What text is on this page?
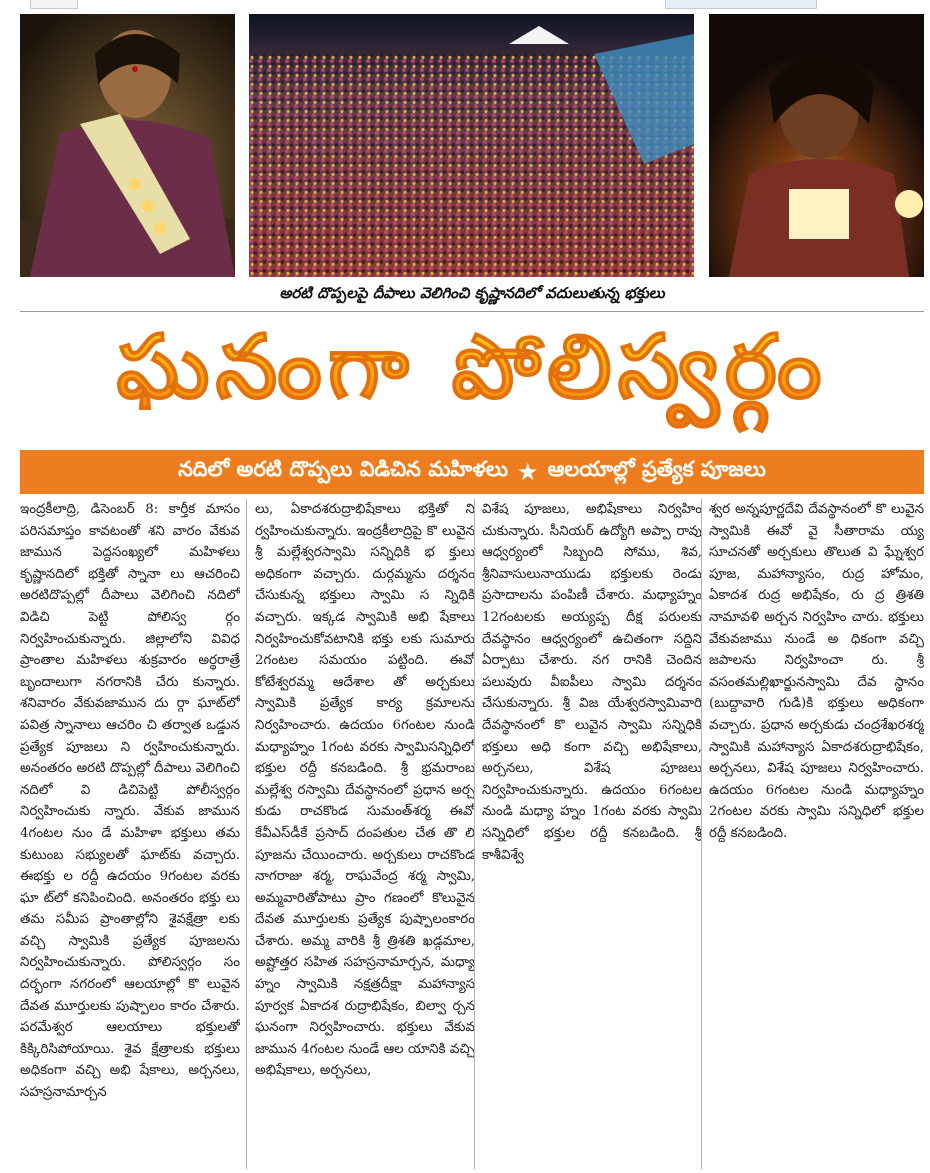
అరటి దొప్పలపై దీపాలు వెలిగించి కృష్ణానదిలో వదులుతున్న భక్తులు
ఘనంగా పోలిస్వర్గం
నదిలో అరటి దొప్పలు విడిచిన మహిళలు ★ ఆలయాల్లో ప్రత్యేక పూజలు
ఇంద్రకీలాద్రి, డిసెంబర్ 8: కార్తీక మాసం పరిసమాప్తం కావటంతో శని వారం వేకువ జామున పెద్దసంఖ్యలో మహిళలు కృష్ణానదిలో భక్తితో స్నానా లు ఆచరించి అరటిదొప్పల్లో దీపాలు వెలిగించి నదిలో విడిచి పెట్టి పోలిస్వ ర్గం నిర్వహించుకున్నారు. జిల్లాలోని వివిధ ప్రాంతాల మహిళలు శుక్రవారం అర్థరాత్రే బృందాలుగా నగరానికి చేరు కున్నారు. శనివారం వేకువజామున దు ర్గా ఘాట్‌లో పవిత్ర స్నానాలు ఆచరిం చి తర్వాత ఒడ్డున ప్రత్యేక పూజలు ని ర్వహించుకున్నారు. అనంతరం అరటి దొప్పల్లో దీపాలు వెలిగించి నదిలో వి డిచిపెట్టి పోలీస్వర్గం నిర్వహించుకు న్నారు. వేకువ జామున 4గంటల నుం డే మహిళా భక్తులు తమ కుటుంబ సభ్యులతో ఘాట్‌కు వచ్చారు. ఈభక్తు ల రద్దీ ఉదయం 9గంటల వరకు ఘా ట్‌లో కనిపించింది. అనంతరం భక్తు లు తమ సమీప ప్రాంతాల్లోని శైవక్షేత్రా లకు వచ్చి స్వామికి ప్రత్యేక పూజలను నిర్వహించుకున్నారు. పోలిస్వర్గం సం దర్భంగా నగరంలో ఆలయాల్లో కొ లువైన దేవత మూర్తులకు పుష్పాలం కారం చేశారు. పరమేశ్వర ఆలయాలు భక్తులతో కిక్కిరిసిపోయాయి. శైవ క్షేత్రాలకు భక్తులు అధికంగా వచ్చి అభి షేకాలు, అర్చనలు, సహస్రనామార్చన
లు, ఏకాదశరుద్రాభిషేకాలు భక్తితో ని ర్వహించుకున్నారు. ఇంద్రకీలాద్రిపై కొ లువైన శ్రీ మల్లేశ్వరస్వామి సన్నిధికి భ క్తులు అధికంగా వచ్చారు. దుర్గమ్మను దర్శనం చేసుకున్న భక్తులు స్వామి స న్నిధికి వచ్చారు. ఇక్కడ స్వామికి అభి షేకాలు నిర్వహించుకోవటానికి భక్తు లకు సుమారు 2గంటల సమయం పట్టింది. ఈవో కోటేశ్వరమ్మ ఆదేశాల తో అర్చకులు స్వామికి ప్రత్యేక కార్య క్రమాలను నిర్వహించారు. ఉదయం 6గంటల నుండి మధ్యాహ్నం 1గంట వరకు స్వామిసన్నిధిలో భక్తుల రద్దీ కనబడింది. శ్రీ భ్రమరాంబ మల్లేశ్వ రస్వామి దేవస్థానంలో ప్రధాన అర్చ కుడు రాచకొండ సుమంత్‌శర్మ ఈవో కేవీఎస్‌డీకే ప్రసాద్ దంపతుల చేత తొ లి పూజను చేయించారు. అర్చకులు రాచకొండ నాగరాజు శర్మ, రాఘవేంద్ర శర్మ స్వామి, అమ్మవారితోపాటు ప్రాం గణంలో కొలువైన దేవత మూర్తులకు ప్రత్యేక పుష్పాలంకారం చేశారు. అమ్మ వారికి శ్రీ త్రిశతి ఖడ్గమాల, అష్టోత్తర సహిత సహస్రనామార్చన, మధ్యా హ్నం స్వామికి నక్షత్రదీక్షా మహాన్యాస పూర్వక ఏకాదశ రుద్రాభిషేకం, బిల్వా ర్చన ఘనంగా నిర్వహించారు. భక్తులు వేకువ జామున 4గంటల నుండే ఆల యానికి వచ్చి అభిషేకాలు, అర్చనలు,
విశేష పూజలు, అభిషేకాలు నిర్వహిం చుకున్నారు. సీనియర్ ఉద్యోగి అప్పా రావు ఆధ్వర్యంలో సిబ్బంది సోము, శివ, శ్రీనివాసులునాయుడు భక్తులకు రెండు ప్రసాదాలను పంపిణీ చేశారు. మధ్యాహ్నం 12గంటలకు అయ్యప్ప దీక్ష పరులకు దేవస్థానం ఆధ్వర్యంలో ఉచితంగా సద్దిని ఏర్పాటు చేశారు. నగ రానికి చెందిన పలువురు వీఐపీలు స్వామి దర్శనం చేసుకున్నారు. శ్రీ విజ యేశ్వరస్వామివారి దేవస్థానంలో కొ లువైన స్వామి సన్నిధికి భక్తులు అధి కంగా వచ్చి అభిషేకాలు, అర్చనలు, విశేష పూజలు నిర్వహించుకున్నారు. ఉదయం 6గంటల నుండి మధ్యా హ్నం 1గంట వరకు స్వామి సన్నిధిలో భక్తుల రద్దీ కనబడింది. శ్రీ కాశీవిశ్వే
శ్వర అన్నపూర్ణదేవి దేవస్థానంలో కొ లువైన స్వామికి ఈవో వై సీతారామ య్య సూచనతో అర్చకులు తొలుత వి ఘ్నేశ్వర పూజ, మహాన్యాసం, రుద్ర హోమం, ఏకాదశ రుద్ర అభిషేకం, రు ద్ర త్రిశతి నామావళి అర్చన నిర్వహిం చారు. భక్తులు వేకువజాము నుండే అ ధికంగా వచ్చి జపాలను నిర్వహించా రు. శ్రీ వసంతమల్లిఖార్జునస్వామి దేవ స్థానం (బుద్దావారి గుడి)కి భక్తులు అధికంగా వచ్చారు. ప్రధాన అర్చకుడు చంద్రశేఖరశర్మ స్వామికి మహాన్యాస ఏకాదశరుద్రాభిషేకం, అర్చనలు, విశేష పూజలు నిర్వహించారు. ఉదయం 6గంటల నుండి మధ్యాహ్నం 2గంటల వరకు స్వామి సన్నిధిలో భక్తుల రద్దీ కనబడింది.
